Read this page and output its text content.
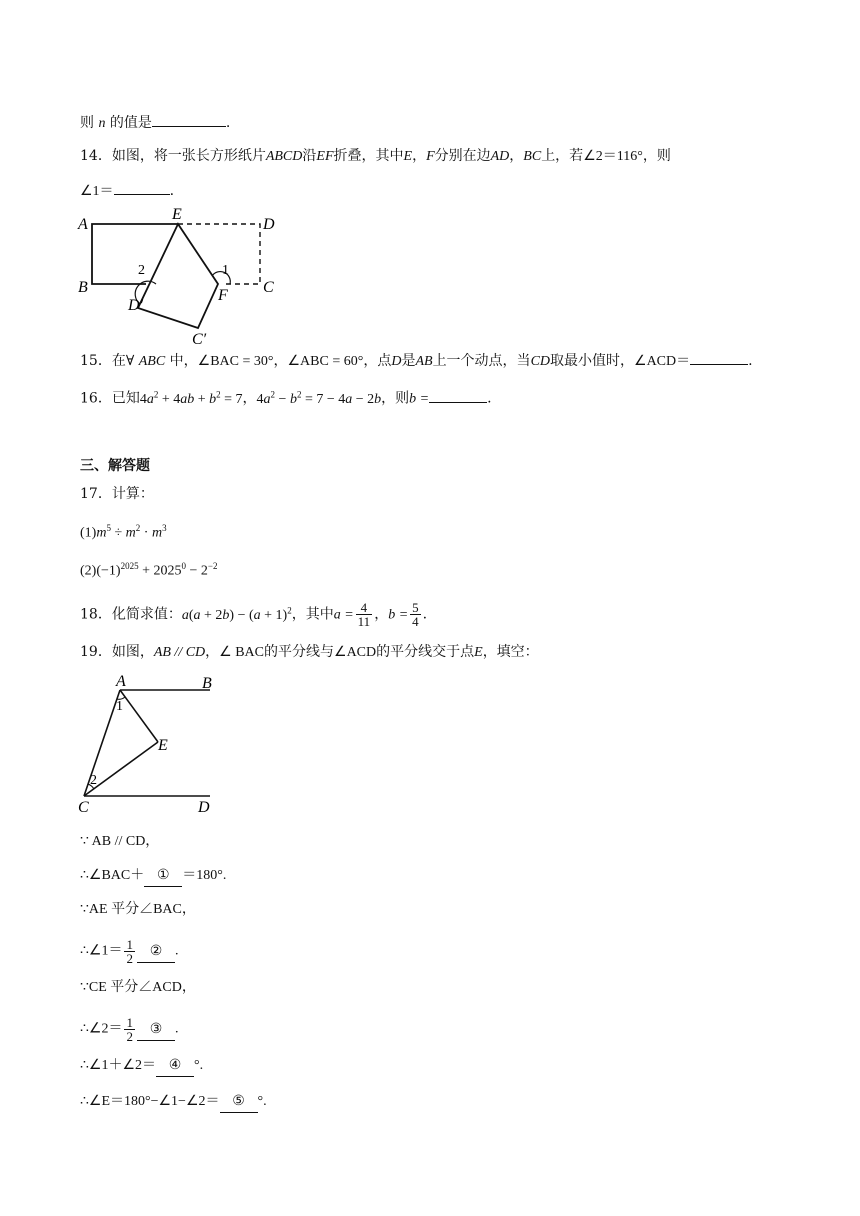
则 n 的值是	.
14．如图，将一张长方形纸片ABCD沿EF折叠，其中E，F分别在边AD，BC上，若∠2＝116°，则
∠1＝	.
A
E
D
B	C
F
D′
C′
1
2
15．在∀ ABC 中，∠BAC = 30°，∠ABC = 60°，点D是AB上一个动点，当CD取最小值时，∠ACD＝	.
16．已知$4a^2 + 4ab + b^2 = 7$，$4a^2 - b^2 = 7 - 4a - 2b$，则b =	.
三、解答题
17．计算：
$(1)m^5 \div m^2 \cdot m^3$
$(2)(-1)^{2025} + 2025^0 - 2^{-2}$
18．化简求值：$a(a + 2b) - (a + 1)^2$，其中$a = \frac{4}{11}$ ，$b = \frac{5}{4}$ .
19．如图，AB // CD，∠ BAC的平分线与∠ACD的平分线交于点E，填空：
A	B
C	D
E
1
2
∵ AB // CD，
∴∠BAC＋ ① ＝180°.
∵AE 平分∠BAC，
∴∠1＝ $\frac{1}{2}$ ② .
∵CE 平分∠ACD，
∴∠2＝ $\frac{1}{2}$ ③ .
∴∠1＋∠2＝ ④ °.
∴∠E＝180°−∠1−∠2＝ ⑤ °.
